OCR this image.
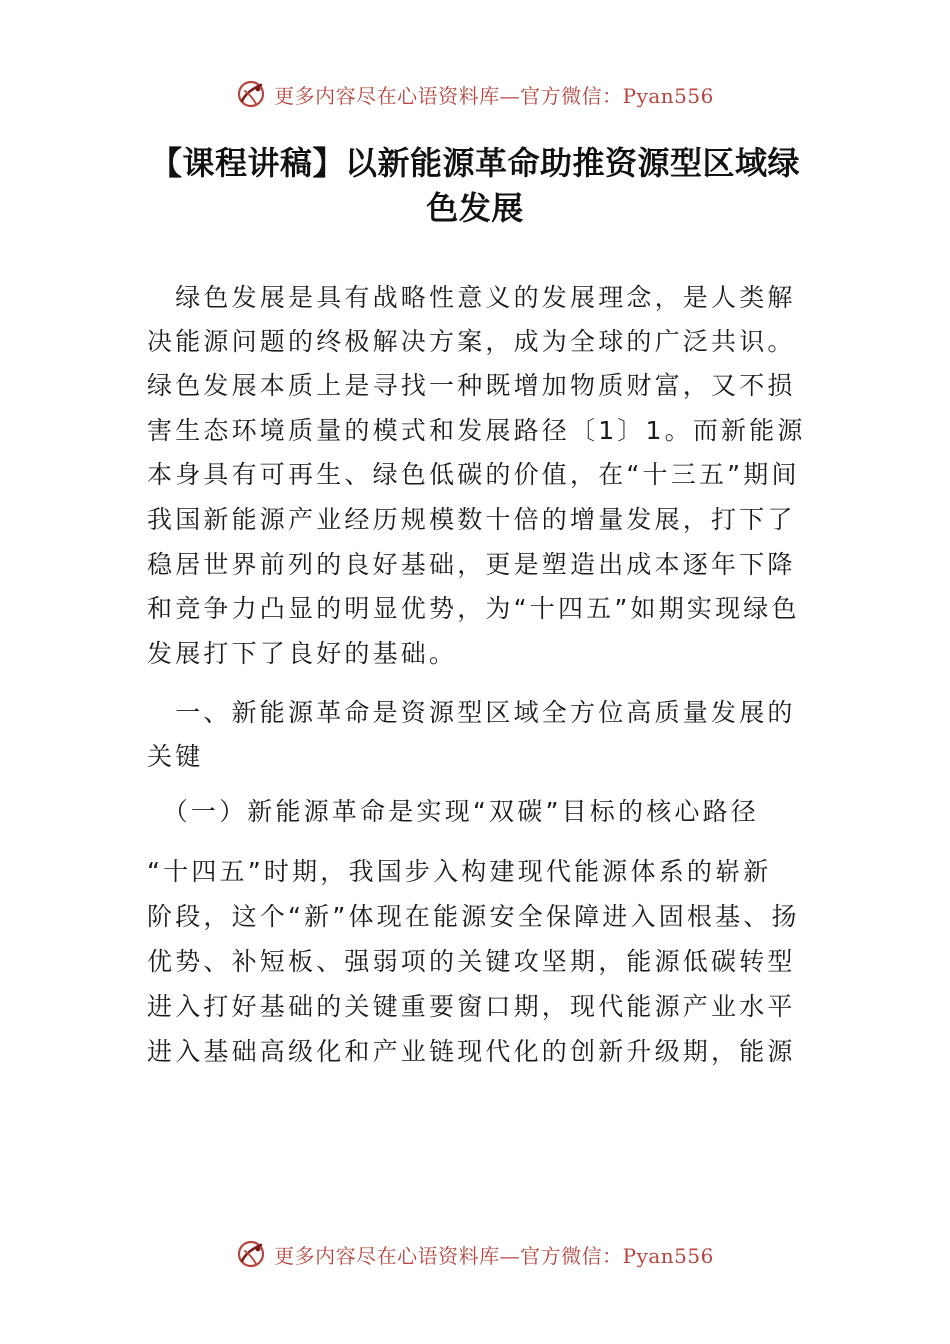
更多内容尽在心语资料库—官方微信：Pyan556
【课程讲稿】以新能源革命助推资源型区域绿
色发展
　绿色发展是具有战略性意义的发展理念，是人类解
决能源问题的终极解决方案，成为全球的广泛共识。
绿色发展本质上是寻找一种既增加物质财富，又不损
害生态环境质量的模式和发展路径〔1〕1。而新能源
本身具有可再生、绿色低碳的价值，在“十三五”期间
我国新能源产业经历规模数十倍的增量发展，打下了
稳居世界前列的良好基础，更是塑造出成本逐年下降
和竞争力凸显的明显优势，为“十四五”如期实现绿色
发展打下了良好的基础。
　一、新能源革命是资源型区域全方位高质量发展的
关键
　（一）新能源革命是实现“双碳”目标的核心路径
“十四五”时期，我国步入构建现代能源体系的崭新
阶段，这个“新”体现在能源安全保障进入固根基、扬
优势、补短板、强弱项的关键攻坚期，能源低碳转型
进入打好基础的关键重要窗口期，现代能源产业水平
进入基础高级化和产业链现代化的创新升级期，能源
更多内容尽在心语资料库—官方微信：Pyan556
